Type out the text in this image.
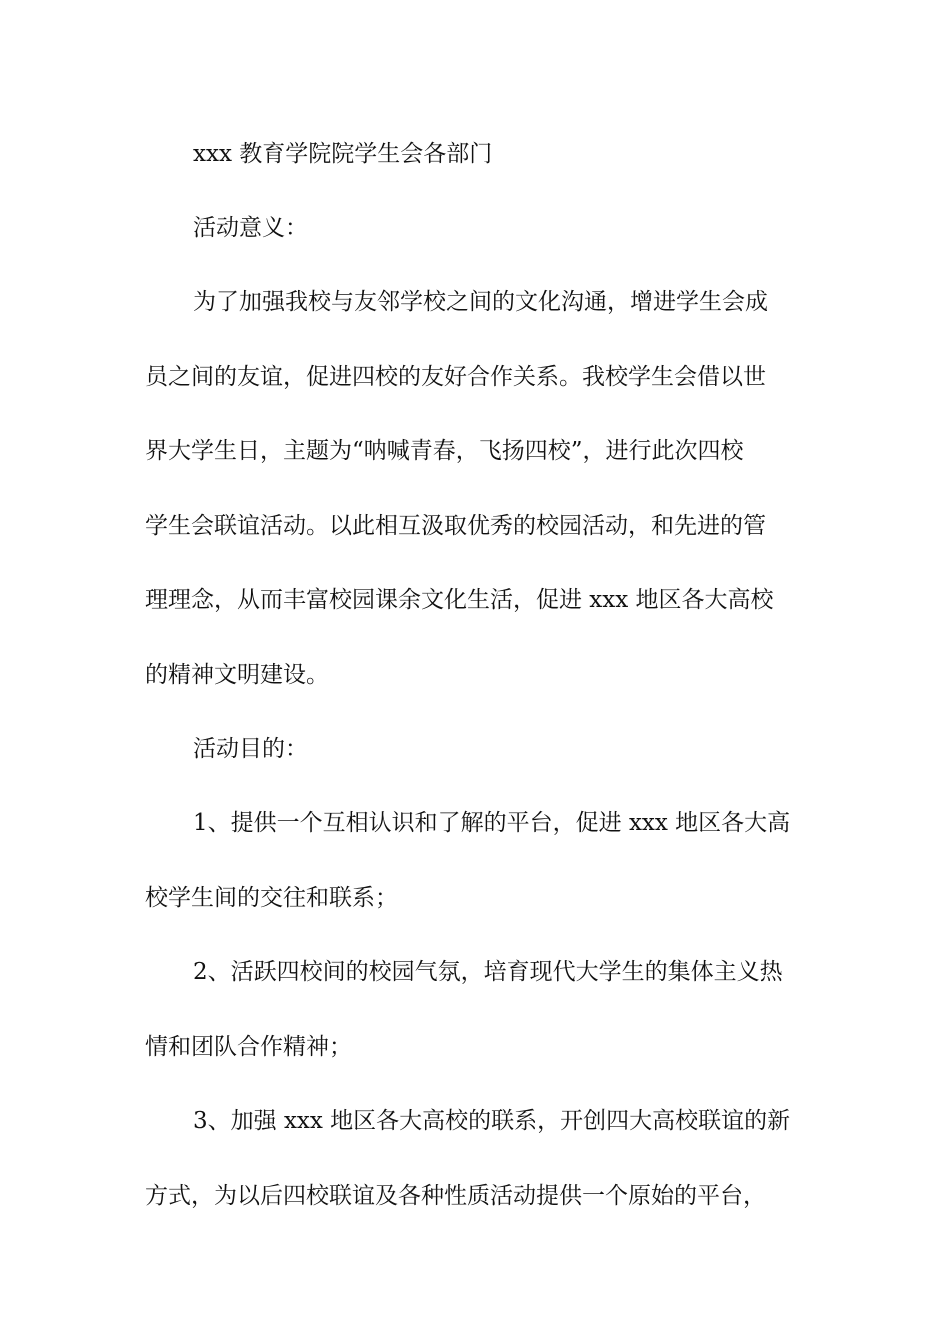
xxx 教育学院院学生会各部门
活动意义：
为了加强我校与友邻学校之间的文化沟通，增进学生会成
员之间的友谊，促进四校的友好合作关系。我校学生会借以世
界大学生日，主题为“呐喊青春，飞扬四校”，进行此次四校
学生会联谊活动。以此相互汲取优秀的校园活动，和先进的管
理理念，从而丰富校园课余文化生活，促进 xxx 地区各大高校
的精神文明建设。
活动目的：
1、提供一个互相认识和了解的平台，促进 xxx 地区各大高
校学生间的交往和联系；
2、活跃四校间的校园气氛，培育现代大学生的集体主义热
情和团队合作精神；
3、加强 xxx 地区各大高校的联系，开创四大高校联谊的新
方式，为以后四校联谊及各种性质活动提供一个原始的平台，
